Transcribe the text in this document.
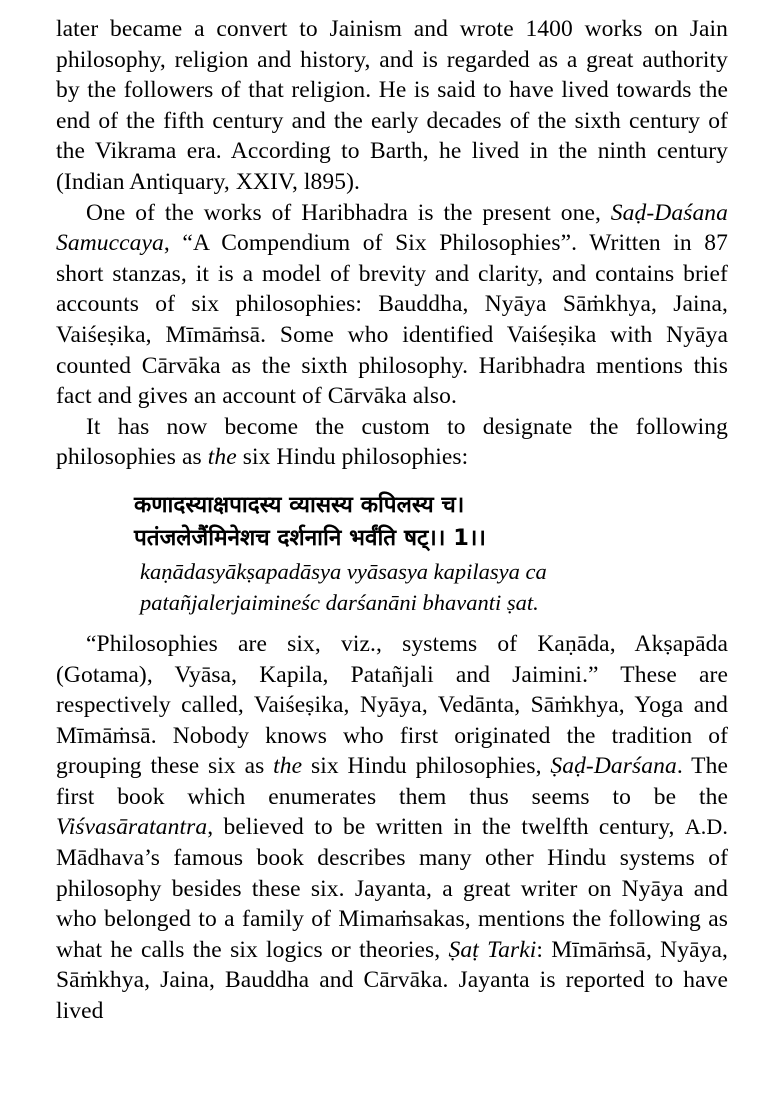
later became a convert to Jainism and wrote 1400 works on Jain philosophy, religion and history, and is regarded as a great authority by the followers of that religion. He is said to have lived towards the end of the fifth century and the early decades of the sixth century of the Vikrama era. According to Barth, he lived in the ninth century (Indian Antiquary, XXIV, l895).

One of the works of Haribhadra is the present one, Saḍ-Daśana Samuccaya, “A Compendium of Six Philosophies”. Written in 87 short stanzas, it is a model of brevity and clarity, and contains brief accounts of six philosophies: Bauddha, Nyāya Sāṁkhya, Jaina, Vaiśeṣika, Mīmāṁsā. Some who identified Vaiśeṣika with Nyāya counted Cārvāka as the sixth philosophy. Haribhadra mentions this fact and gives an account of Cārvāka also.

It has now become the custom to designate the following philosophies as the six Hindu philosophies:

कणादस्याक्षपादस्य व्यासस्य कपिलस्य च।
पतंजलेजैंमिनेशच दर्शनानि भर्वंति षट्।। 1।।
kaṇādasyākṣapadāsya vyāsasya kapilasya ca
patañjalerjaimineśc darśanāni bhavanti ṣat.

“Philosophies are six, viz., systems of Kaṇāda, Akṣapāda (Gotama), Vyāsa, Kapila, Patañjali and Jaimini.” These are respectively called, Vaiśeṣika, Nyāya, Vedānta, Sāṁkhya, Yoga and Mīmāṁsā. Nobody knows who first originated the tradition of grouping these six as the six Hindu philosophies, Ṣaḍ-Darśana. The first book which enumerates them thus seems to be the Viśvasāratantra, believed to be written in the twelfth century, A.D. Mādhava’s famous book describes many other Hindu systems of philosophy besides these six. Jayanta, a great writer on Nyāya and who belonged to a family of Mimaṁsakas, mentions the following as what he calls the six logics or theories, Ṣaṭ Tarki: Mīmāṁsā, Nyāya, Sāṁkhya, Jaina, Bauddha and Cārvāka. Jayanta is reported to have lived
